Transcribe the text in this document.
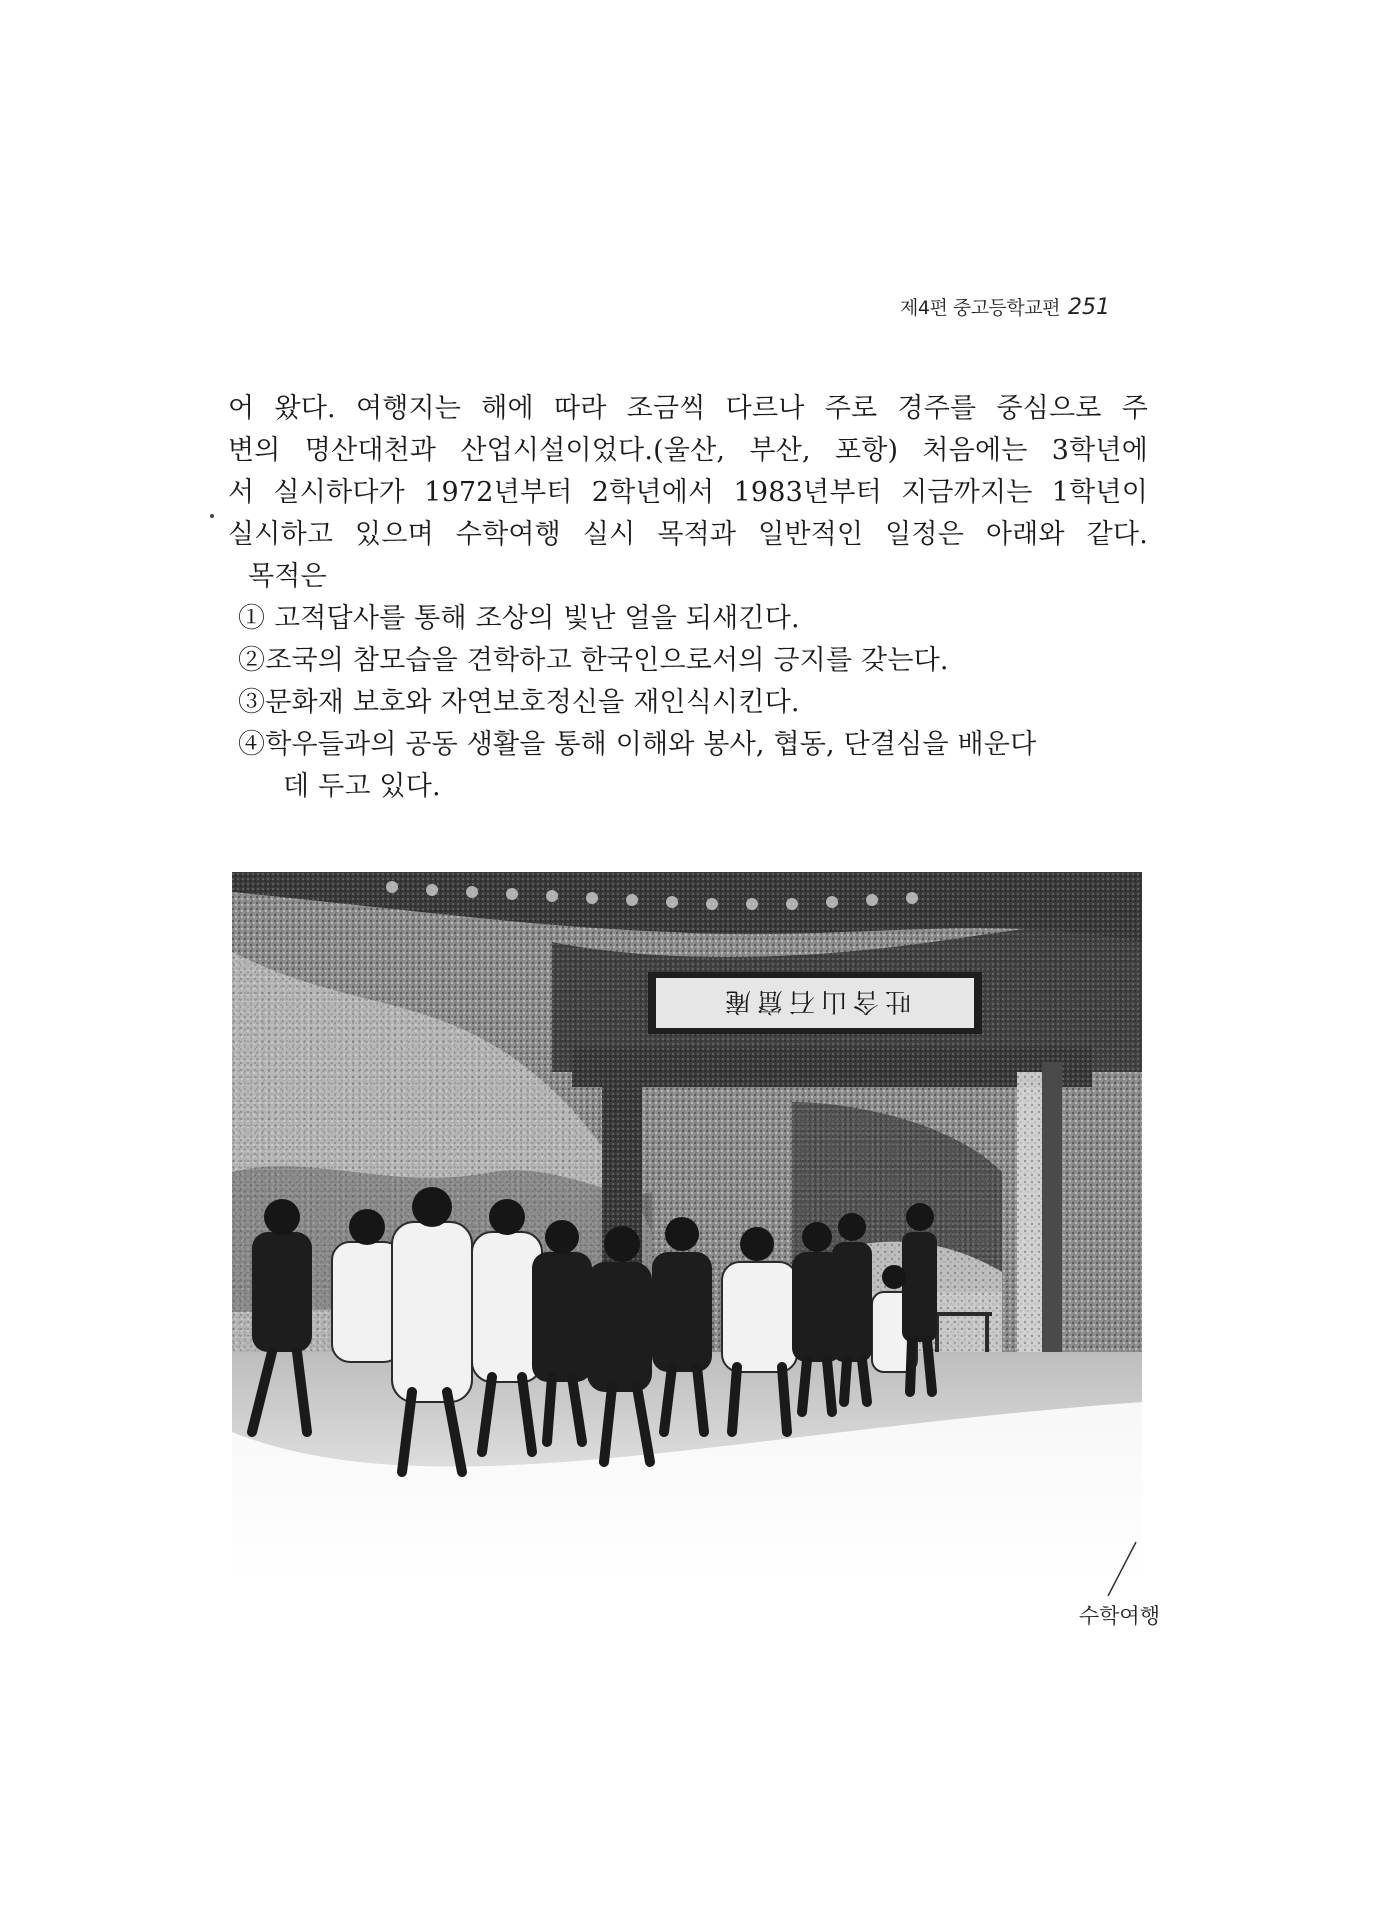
제4편 중고등학교편 251
어 왔다. 여행지는 해에 따라 조금씩 다르나 주로 경주를 중심으로 주
변의 명산대천과 산업시설이었다.(울산, 부산, 포항) 처음에는 3학년에
서 실시하다가 1972년부터 2학년에서 1983년부터 지금까지는 1학년이
실시하고 있으며 수학여행 실시 목적과 일반적인 일정은 아래와 같다.
목적은
① 고적답사를 통해 조상의 빛난 얼을 되새긴다.
②조국의 참모습을 견학하고 한국인으로서의 긍지를 갖는다.
③문화재 보호와 자연보호정신을 재인식시킨다.
④학우들과의 공동 생활을 통해 이해와 봉사, 협동, 단결심을 배운다
데 두고 있다.
吐含山石窟庵
수학여행
